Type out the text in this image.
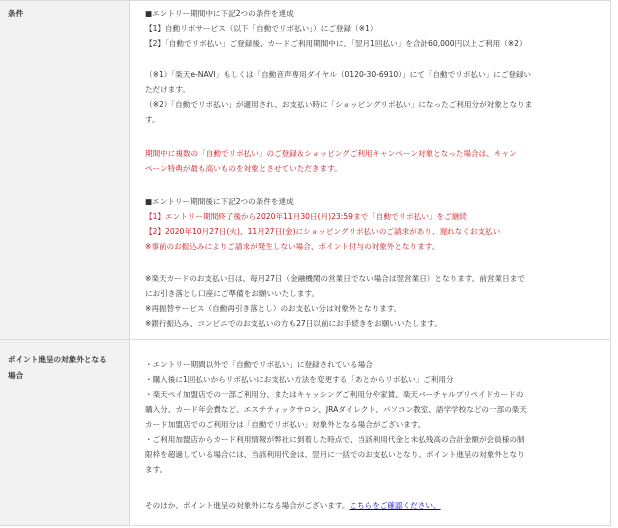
条件	■エントリー期間中に下記2つの条件を達成
【1】自動リボサービス（以下「自動でリボ払い」）にご登録（※1）
【2】「自動でリボ払い」ご登録後、カードご利用期間中に、「翌月1回払い」を合計60,000円以上ご利用（※2）
（※1）「楽天e-NAVI」もしくは「自動音声専用ダイヤル（0120-30-6910）」にて「自動でリボ払い」にご登録い
ただけます。
（※2）「自動でリボ払い」が適用され、お支払い時に「ショッピングリボ払い」になったご利用分が対象となりま
す。
期間中に複数の「自動でリボ払い」のご登録＆ショッピングご利用キャンペーン対象となった場合は、キャン
ペーン特典が最も高いものを対象とさせていただきます。
■エントリー期間後に下記2つの条件を達成
【1】エントリー期間終了後から2020年11月30日(月)23:59まで「自動でリボ払い」をご継続
【2】2020年10月27日(火)、11月27日(金)にショッピングリボ払いのご請求があり、遅れなくお支払い
※事前のお振込みによりご請求が発生しない場合、ポイント付与の対象外となります。
※楽天カードのお支払い日は、毎月27日（金融機関の営業日でない場合は翌営業日）となります。前営業日まで
にお引き落とし口座にご準備をお願いいたします。
※再振替サービス（自動再引き落とし）のお支払い分は対象外となります。
※銀行振込み、コンビニでのお支払いの方も27日以前にお手続きをお願いいたします。
ポイント進呈の対象外となる
場合
・エントリー期間以外で「自動でリボ払い」に登録されている場合
・購入後に1回払いからリボ払いにお支払い方法を変更する「あとからリボ払い」ご利用分
・楽天ペイ加盟店での一部ご利用分、またはキャッシングご利用分や家賃、楽天バーチャルプリペイドカードの
購入分、カード年会費など、エステティックサロン、JRAダイレクト、パソコン教室、語学学校などの一部の楽天
カード加盟店でのご利用分は「自動でリボ払い」対象外となる場合がございます。
・ご利用加盟店からカード利用情報が弊社に到着した時点で、当該利用代金と未払残高の合計金額が会員様の制
限枠を超過している場合には、当該利用代金は、翌月に一括でのお支払いとなり、ポイント進呈の対象外となり
ます。
そのほか、ポイント進呈の対象外になる場合がございます。こちらをご確認ください。
